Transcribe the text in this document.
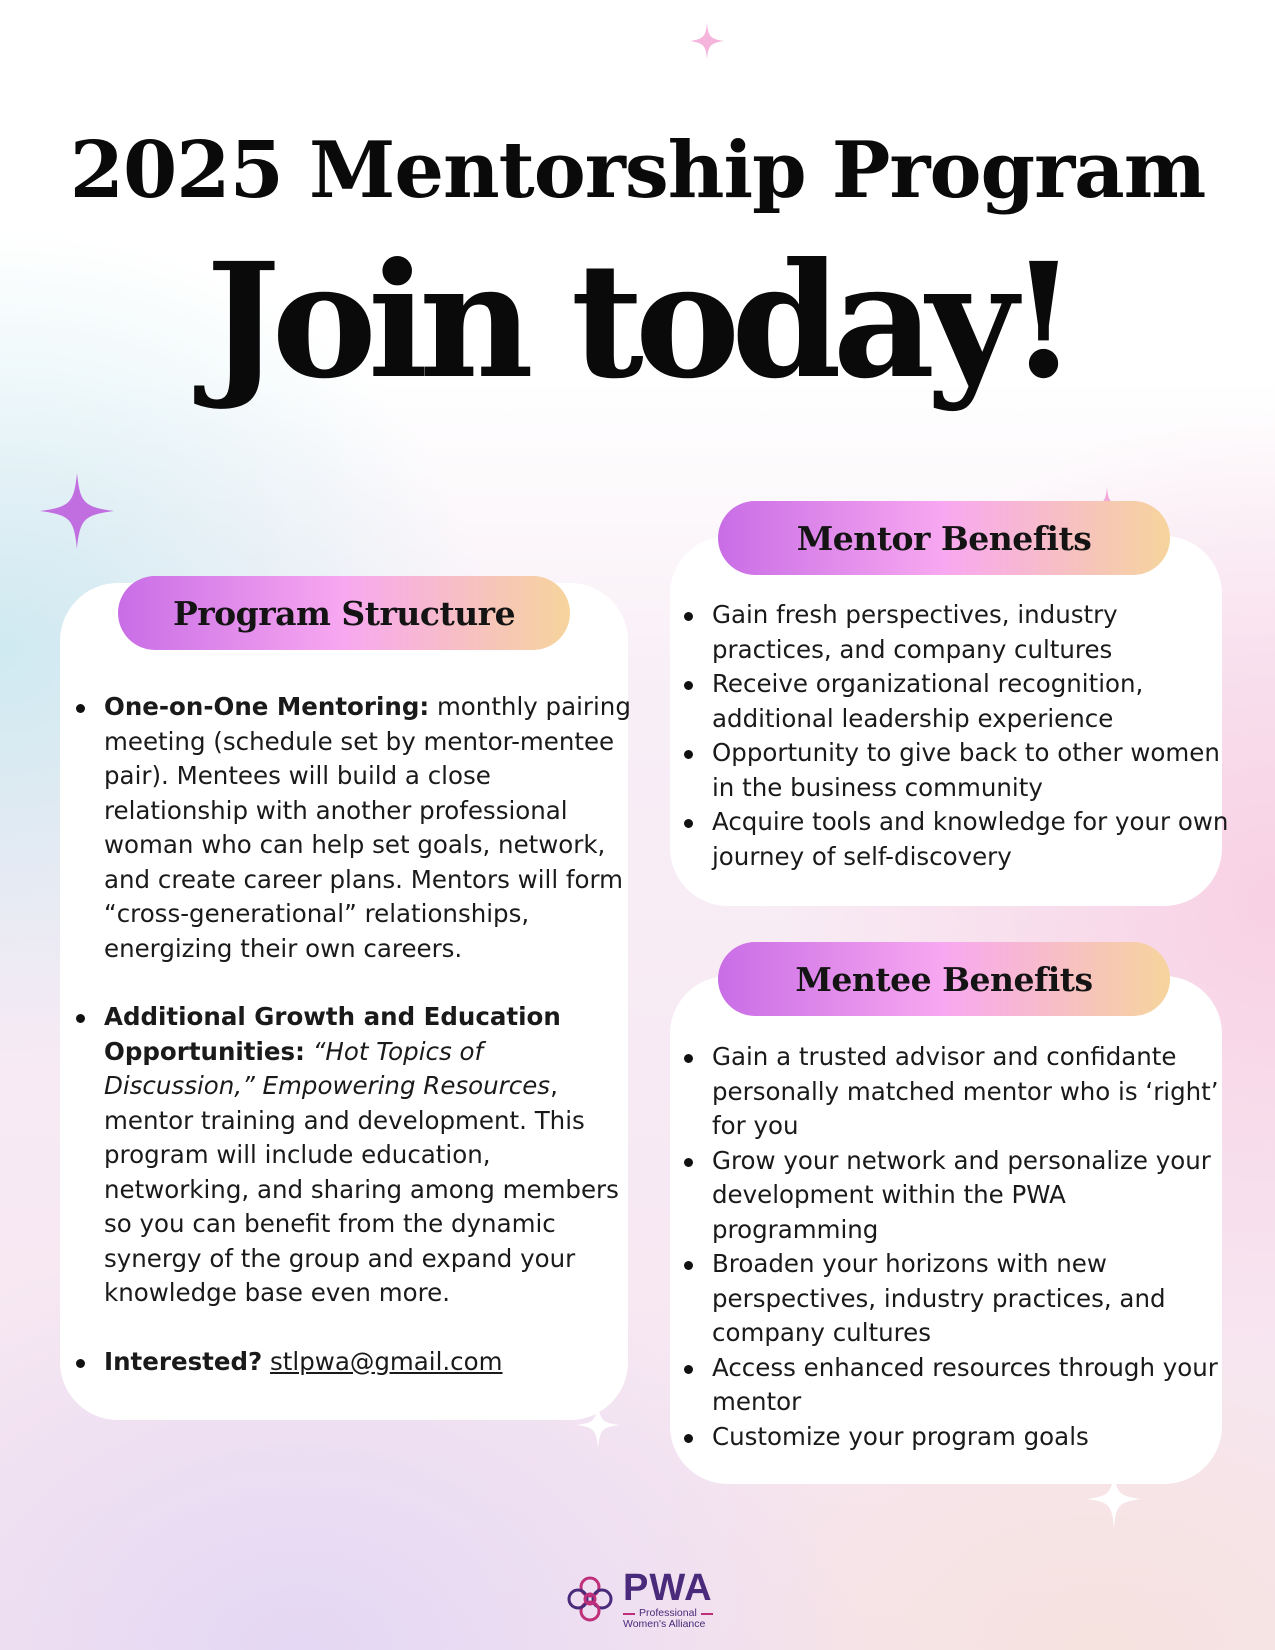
2025 Mentorship Program
Join today!
Program Structure
One-on-One Mentoring: monthly pairing meeting (schedule set by mentor-mentee pair). Mentees will build a close relationship with another professional woman who can help set goals, network, and create career plans. Mentors will form “cross-generational” relationships, energizing their own careers.
Additional Growth and Education Opportunities: “Hot Topics of Discussion,” Empowering Resources, mentor training and development. This program will include education, networking, and sharing among members so you can benefit from the dynamic synergy of the group and expand your knowledge base even more.
Interested? stlpwa@gmail.com
Mentor Benefits
Gain fresh perspectives, industry practices, and company cultures
Receive organizational recognition, additional leadership experience
Opportunity to give back to other women in the business community
Acquire tools and knowledge for your own journey of self-discovery
Mentee Benefits
Gain a trusted advisor and confidante personally matched mentor who is ‘right’ for you
Grow your network and personalize your development within the PWA programming
Broaden your horizons with new perspectives, industry practices, and company cultures
Access enhanced resources through your mentor
Customize your program goals
PWA
Professional
Women's Alliance
